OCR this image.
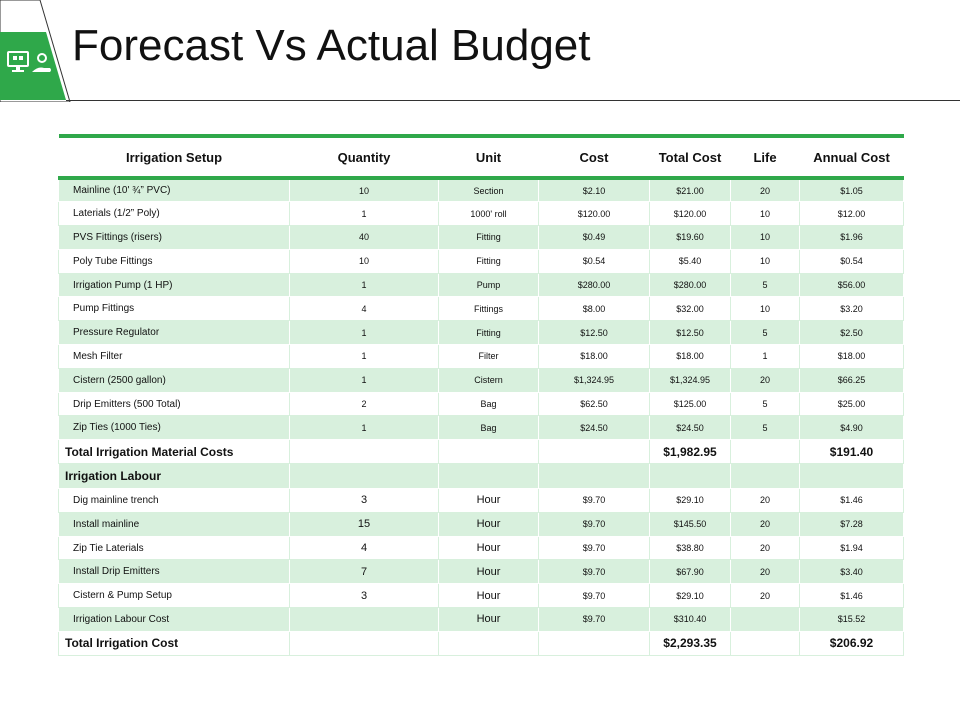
Forecast Vs Actual Budget
Irrigation Setup	Quantity	Unit	Cost	Total Cost	Life	Annual Cost
Mainline (10' ¾” PVC)	10	Section	$2.10	$21.00	20	$1.05
Laterials (1/2” Poly)	1	1000' roll	$120.00	$120.00	10	$12.00
PVS Fittings (risers)	40	Fitting	$0.49	$19.60	10	$1.96
Poly Tube Fittings	10	Fitting	$0.54	$5.40	10	$0.54
Irrigation Pump (1 HP)	1	Pump	$280.00	$280.00	5	$56.00
Pump Fittings	4	Fittings	$8.00	$32.00	10	$3.20
Pressure Regulator	1	Fitting	$12.50	$12.50	5	$2.50
Mesh Filter	1	Filter	$18.00	$18.00	1	$18.00
Cistern (2500 gallon)	1	Cistern	$1,324.95	$1,324.95	20	$66.25
Drip Emitters (500 Total)	2	Bag	$62.50	$125.00	5	$25.00
Zip Ties (1000 Ties)	1	Bag	$24.50	$24.50	5	$4.90
Total Irrigation Material Costs				$1,982.95		$191.40
Irrigation Labour						
Dig mainline trench	3	Hour	$9.70	$29.10	20	$1.46
Install mainline	15	Hour	$9.70	$145.50	20	$7.28
Zip Tie Laterials	4	Hour	$9.70	$38.80	20	$1.94
Install Drip Emitters	7	Hour	$9.70	$67.90	20	$3.40
Cistern & Pump Setup	3	Hour	$9.70	$29.10	20	$1.46
Irrigation Labour Cost		Hour	$9.70	$310.40		$15.52
Total Irrigation Cost				$2,293.35		$206.92
